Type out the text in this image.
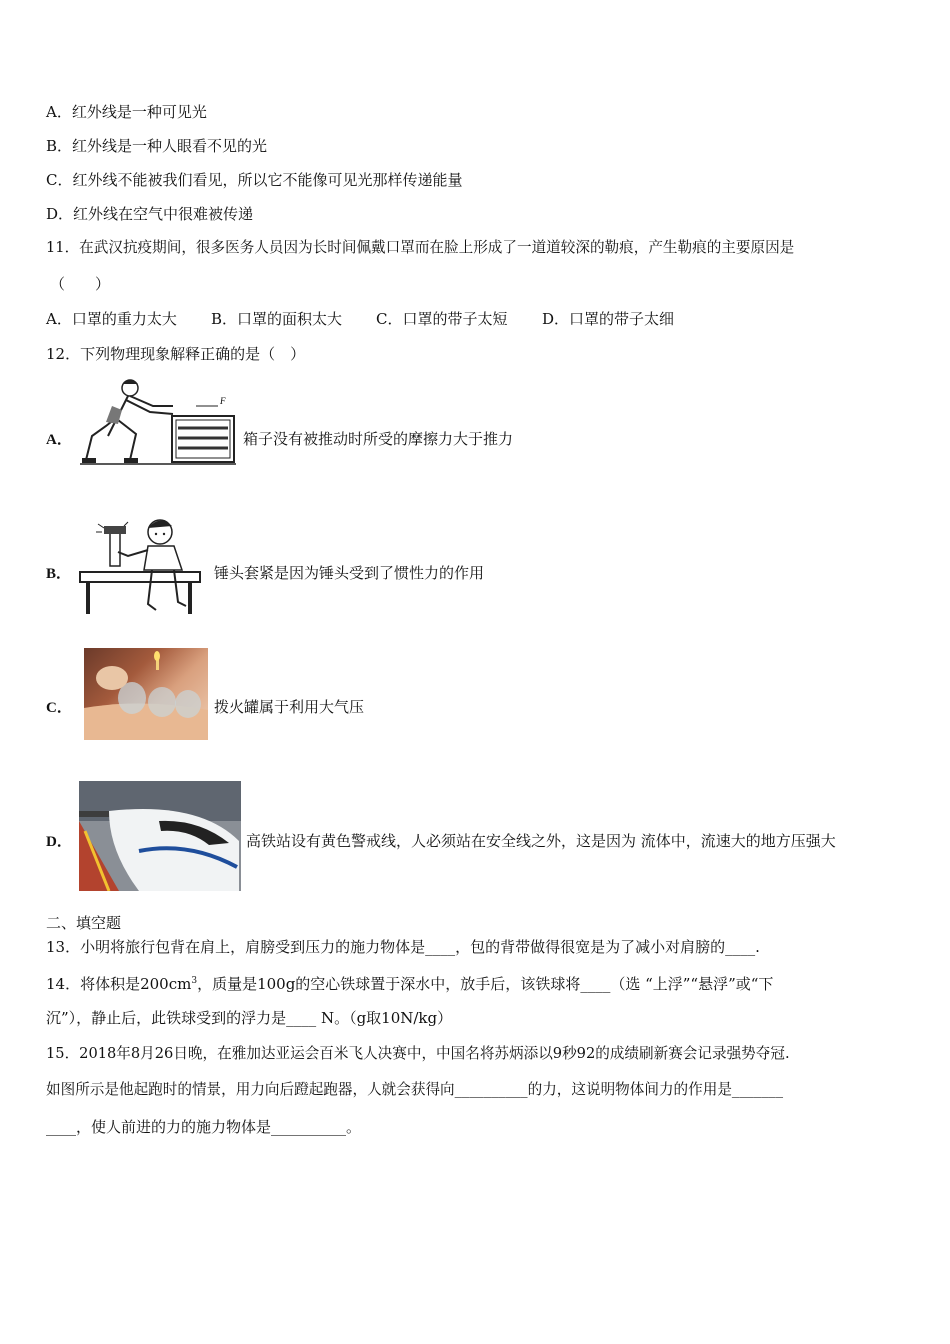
A．红外线是一种可见光
B．红外线是一种人眼看不见的光
C．红外线不能被我们看见，所以它不能像可见光那样传递能量
D．红外线在空气中很难被传递
11．在武汉抗疫期间，很多医务人员因为长时间佩戴口罩而在脸上形成了一道道较深的勒痕，产生勒痕的主要原因是
（　　）
A．口罩的重力太大 B．口罩的面积太大 C．口罩的带子太短 D．口罩的带子太细
12．下列物理现象解释正确的是（　）
A．
F
箱子没有被推动时所受的摩擦力大于推力
B．	锤头套紧是因为锤头受到了惯性力的作用
C．	拨火罐属于利用大气压
D．	高铁站设有黄色警戒线，人必须站在安全线之外，这是因为 流体中，流速大的地方压强大
二、填空题
13．小明将旅行包背在肩上，肩膀受到压力的施力物体是____，包的背带做得很宽是为了减小对肩膀的____.
14．将体积是$200cm^3$，质量是100g的空心铁球置于深水中，放手后，该铁球将____（选 “上浮”“悬浮”或“下
沉”），静止后，此铁球受到的浮力是____ N。（g取10N/kg）
15．2018年8月26日晚，在雅加达亚运会百米飞人决赛中，中国名将苏炳添以9秒92的成绩刷新赛会记录强势夺冠.
如图所示是他起跑时的情景，用力向后蹬起跑器，人就会获得向__________的力，这说明物体间力的作用是_______
____，使人前进的力的施力物体是__________。
